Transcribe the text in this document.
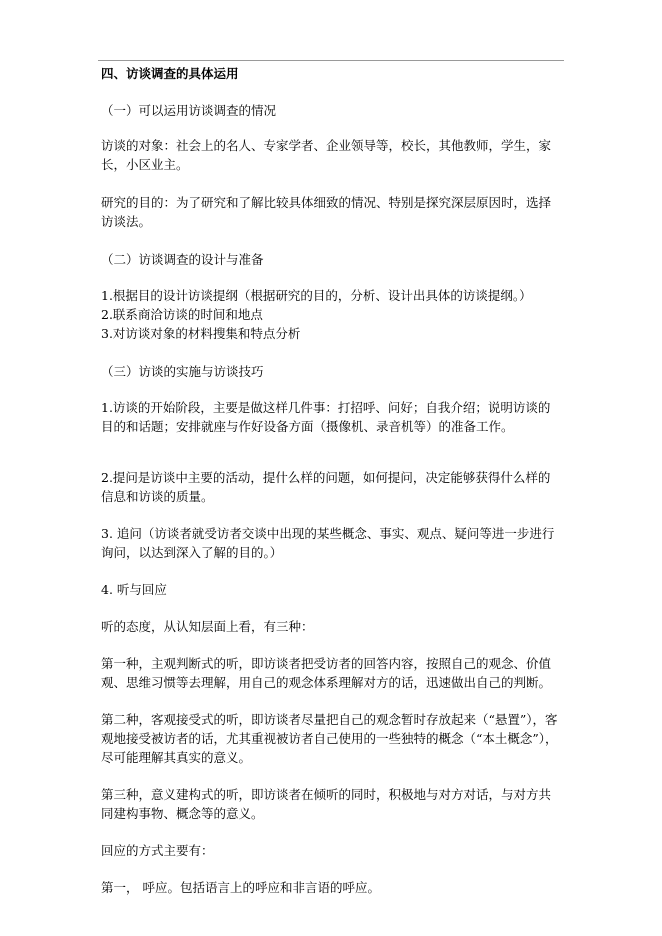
四、访谈调查的具体运用

（一）可以运用访谈调查的情况

访谈的对象：社会上的名人、专家学者、企业领导等，校长，其他教师，学生，家长，小区业主。

研究的目的：为了研究和了解比较具体细致的情况、特别是探究深层原因时，选择访谈法。

（二）访谈调查的设计与准备

1.根据目的设计访谈提纲（根据研究的目的，分析、设计出具体的访谈提纲。）

2.联系商洽访谈的时间和地点

3.对访谈对象的材料搜集和特点分析

（三）访谈的实施与访谈技巧

1.访谈的开始阶段，主要是做这样几件事：打招呼、问好；自我介绍；说明访谈的目的和话题；安排就座与作好设备方面（摄像机、录音机等）的准备工作。

2.提问是访谈中主要的活动，提什么样的问题，如何提问，决定能够获得什么样的信息和访谈的质量。

3. 追问（访谈者就受访者交谈中出现的某些概念、事实、观点、疑问等进一步进行询问，以达到深入了解的目的。）

4. 听与回应

听的态度，从认知层面上看，有三种：

第一种，主观判断式的听，即访谈者把受访者的回答内容，按照自己的观念、价值观、思维习惯等去理解，用自己的观念体系理解对方的话，迅速做出自己的判断。

第二种，客观接受式的听，即访谈者尽量把自己的观念暂时存放起来（“悬置”），客观地接受被访者的话，尤其重视被访者自己使用的一些独特的概念（“本土概念”），尽可能理解其真实的意义。

第三种，意义建构式的听，即访谈者在倾听的同时，积极地与对方对话，与对方共同建构事物、概念等的意义。

回应的方式主要有：

第一， 呼应。包括语言上的呼应和非言语的呼应。
